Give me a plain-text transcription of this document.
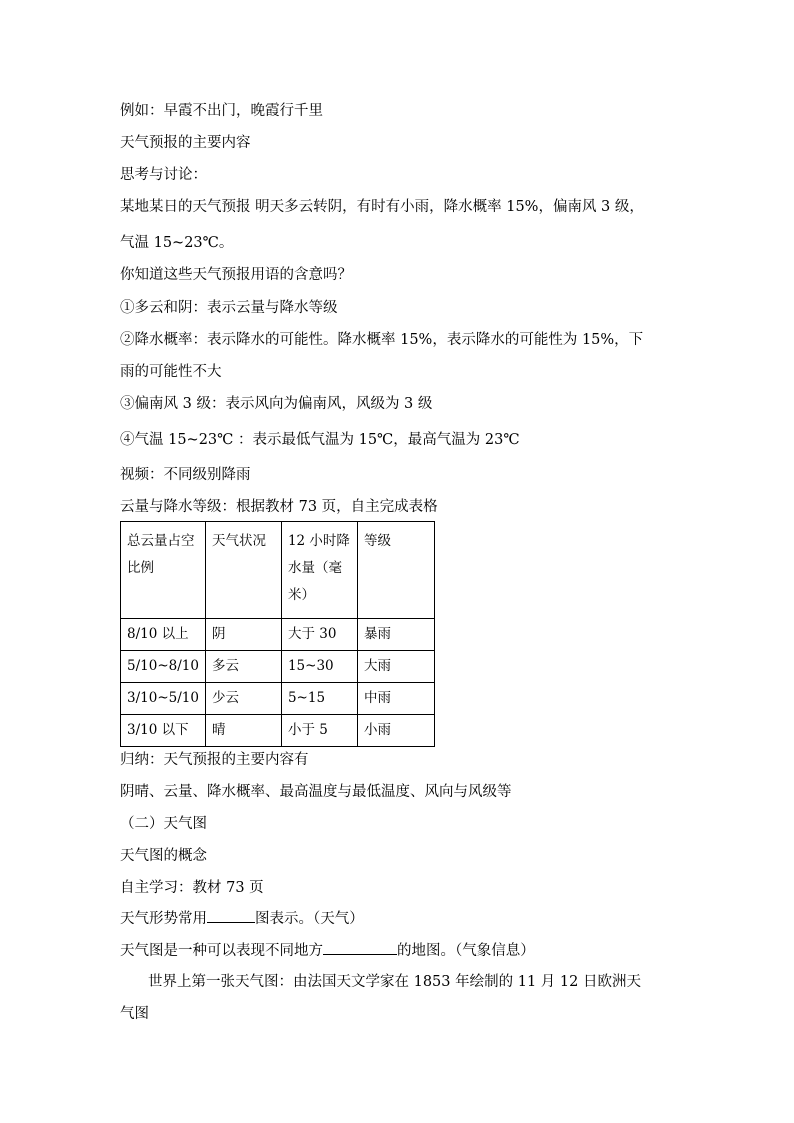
例如：早霞不出门，晚霞行千里
天气预报的主要内容
思考与讨论：
某地某日的天气预报 明天多云转阴，有时有小雨，降水概率 15%，偏南风 3 级，
气温 15~23℃。
你知道这些天气预报用语的含意吗？
①多云和阴：表示云量与降水等级
②降水概率：表示降水的可能性。降水概率 15%，表示降水的可能性为 15%，下
雨的可能性不大
③偏南风 3 级：表示风向为偏南风，风级为 3 级
④气温 15~23℃ ：表示最低气温为 15℃，最高气温为 23℃
视频：不同级别降雨
云量与降水等级：根据教材 73 页，自主完成表格
总云量占空比例	天气状况	12 小时降水量（毫米）	等级
8/10 以上	阴	大于 30	暴雨
5/10~8/10	多云	15~30	大雨
3/10~5/10	少云	5~15	中雨
3/10 以下	晴	小于 5	小雨
归纳：天气预报的主要内容有
阴晴、云量、降水概率、最高温度与最低温度、风向与风级等
（二）天气图
天气图的概念
自主学习：教材 73 页
天气形势常用	图表示。（天气）
天气图是一种可以表现不同地方	的地图。（气象信息）
世界上第一张天气图：由法国天文学家在 1853 年绘制的 11 月 12 日欧洲天
气图
